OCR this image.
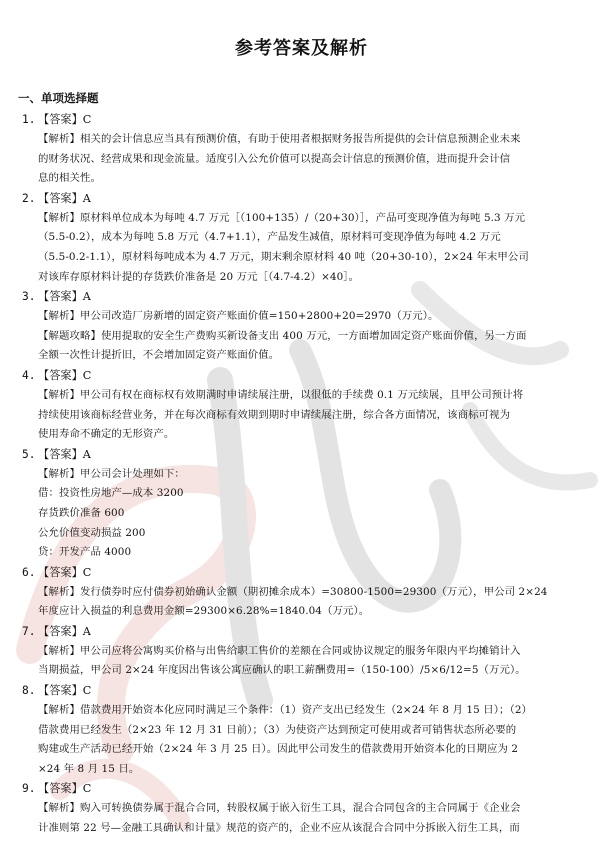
参考答案及解析
一、单项选择题
1. 【答案】C
【解析】相关的会计信息应当具有预测价值，有助于使用者根据财务报告所提供的会计信息预测企业未来
的财务状况、经营成果和现金流量。适度引入公允价值可以提高会计信息的预测价值，进而提升会计信
息的相关性。
2. 【答案】A
【解析】原材料单位成本为每吨 4.7 万元［（100+135）/（20+30）］，产品可变现净值为每吨 5.3 万元
（5.5-0.2），成本为每吨 5.8 万元（4.7+1.1），产品发生减值，原材料可变现净值为每吨 4.2 万元
（5.5-0.2-1.1），原材料每吨成本为 4.7 万元，期末剩余原材料 40 吨（20+30-10），2×24 年末甲公司
对该库存原材料计提的存货跌价准备是 20 万元［（4.7-4.2）×40］。
3. 【答案】A
【解析】甲公司改造厂房新增的固定资产账面价值=150+2800+20=2970（万元）。
【解题攻略】使用提取的安全生产费购买新设备支出 400 万元，一方面增加固定资产账面价值，另一方面
全额一次性计提折旧，不会增加固定资产账面价值。
4. 【答案】C
【解析】甲公司有权在商标权有效期满时申请续展注册，以很低的手续费 0.1 万元续展，且甲公司预计将
持续使用该商标经营业务，并在每次商标有效期到期时申请续展注册，综合各方面情况，该商标可视为
使用寿命不确定的无形资产。
5. 【答案】A
【解析】甲公司会计处理如下：
借：投资性房地产—成本 3200
存货跌价准备 600
公允价值变动损益 200
贷：开发产品 4000
6. 【答案】C
【解析】发行债券时应付债券初始确认金额（期初摊余成本）=30800-1500=29300（万元），甲公司 2×24
年度应计入损益的利息费用金额=29300×6.28%=1840.04（万元）。
7. 【答案】A
【解析】甲公司应将公寓购买价格与出售给职工售价的差额在合同或协议规定的服务年限内平均摊销计入
当期损益，甲公司 2×24 年度因出售该公寓应确认的职工薪酬费用=（150-100）/5×6/12=5（万元）。
8. 【答案】C
【解析】借款费用开始资本化应同时满足三个条件：（1）资产支出已经发生（2×24 年 8 月 15 日）；（2）
借款费用已经发生（2×23 年 12 月 31 日前）；（3）为使资产达到预定可使用或者可销售状态所必要的
购建或生产活动已经开始（2×24 年 3 月 25 日）。因此甲公司发生的借款费用开始资本化的日期应为 2
×24 年 8 月 15 日。
9. 【答案】C
【解析】购入可转换债券属于混合合同，转股权属于嵌入衍生工具，混合合同包含的主合同属于《企业会
计准则第 22 号—金融工具确认和计量》规范的资产的，企业不应从该混合合同中分拆嵌入衍生工具，而
